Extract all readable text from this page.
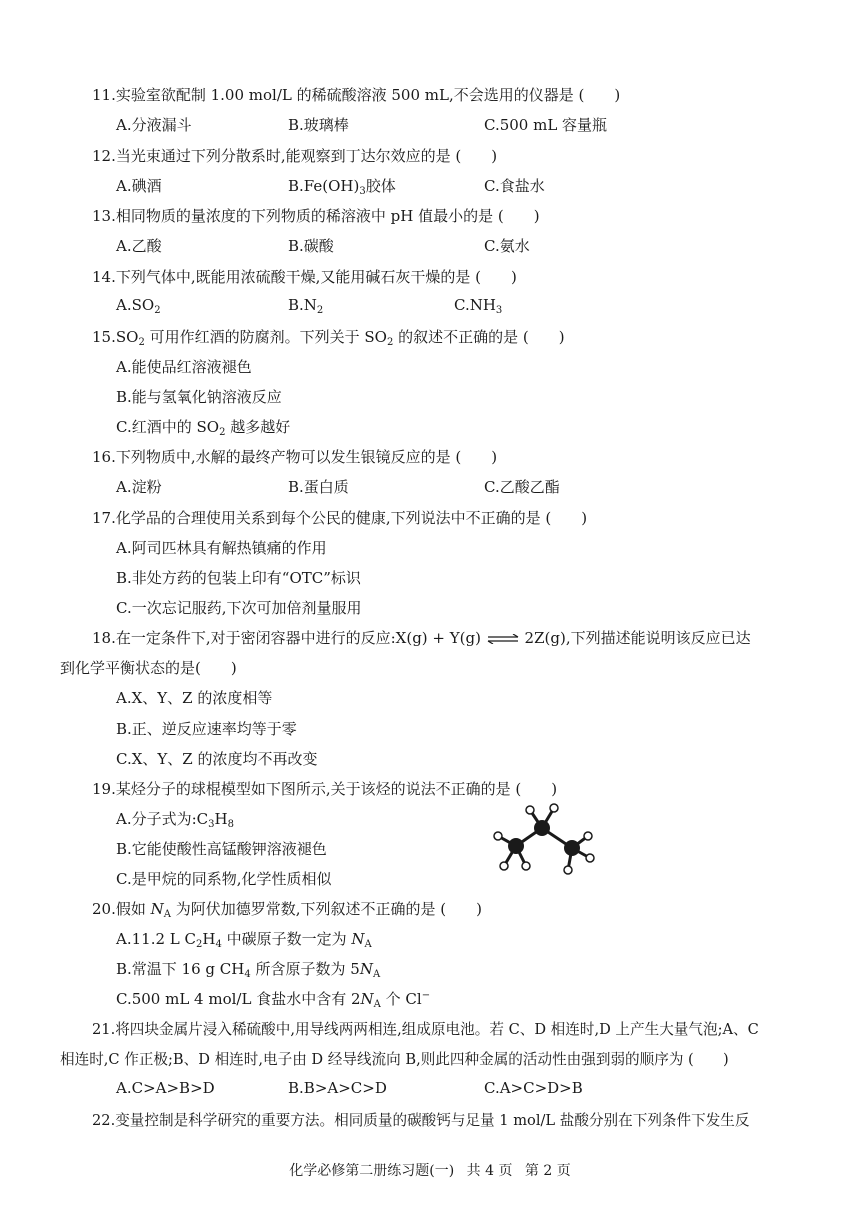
11.实验室欲配制 1.00 mol/L 的稀硫酸溶液 500 mL,不会选用的仪器是 (　　)
A.分液漏斗	B.玻璃棒	C.500 mL 容量瓶
12.当光束通过下列分散系时,能观察到丁达尔效应的是 (　　)
A.碘酒	$B.Fe(OH)_3$胶体	C.食盐水
13.相同物质的量浓度的下列物质的稀溶液中 pH 值最小的是 (　　)
A.乙酸	B.碳酸	C.氨水
14.下列气体中,既能用浓硫酸干燥,又能用碱石灰干燥的是 (　　)
$A.SO_2$	$B.N_2$	$C.NH_3$
$15.SO_2$ 可用作红酒的防腐剂。下列关于 $SO_2$ 的叙述不正确的是 (　　)
A.能使品红溶液褪色
B.能与氢氧化钠溶液反应
C.红酒中的 $SO_2$ 越多越好
16.下列物质中,水解的最终产物可以发生银镜反应的是 (　　)
A.淀粉	B.蛋白质	C.乙酸乙酯
17.化学品的合理使用关系到每个公民的健康,下列说法中不正确的是 (　　)
A.阿司匹林具有解热镇痛的作用
B.非处方药的包装上印有“OTC”标识
C.一次忘记服药,下次可加倍剂量服用
18.在一定条件下,对于密闭容器中进行的反应:X(g) + Y(g) ⇌ 2Z(g),下列描述能说明该反应已达
到化学平衡状态的是(　　)
A.X、Y、Z 的浓度相等
B.正、逆反应速率均等于零
C.X、Y、Z 的浓度均不再改变
19.某烃分子的球棍模型如下图所示,关于该烃的说法不正确的是 (　　)
A.分子式为$:C_3H_8$
B.它能使酸性高锰酸钾溶液褪色
C.是甲烷的同系物,化学性质相似
20.假如 $N_A$ 为阿伏加德罗常数,下列叙述不正确的是 (　　)
A.11.2 L $C_2H_4$ 中碳原子数一定为 $N_A$
B.常温下 16 g $CH_4$ 所含原子数为 $5N_A$
C.500 mL 4 mol/L 食盐水中含有 $2N_A$ 个 Cl−
21.将四块金属片浸入稀硫酸中,用导线两两相连,组成原电池。若 C、D 相连时,D 上产生大量气泡;A、C
相连时,C 作正极;B、D 相连时,电子由 D 经导线流向 B,则此四种金属的活动性由强到弱的顺序为 (　　)
A.C>A>B>D	B.B>A>C>D	C.A>C>D>B
22.变量控制是科学研究的重要方法。相同质量的碳酸钙与足量 1 mol/L 盐酸分别在下列条件下发生反
化学必修第二册练习题(一) 共 4 页 第 2 页
